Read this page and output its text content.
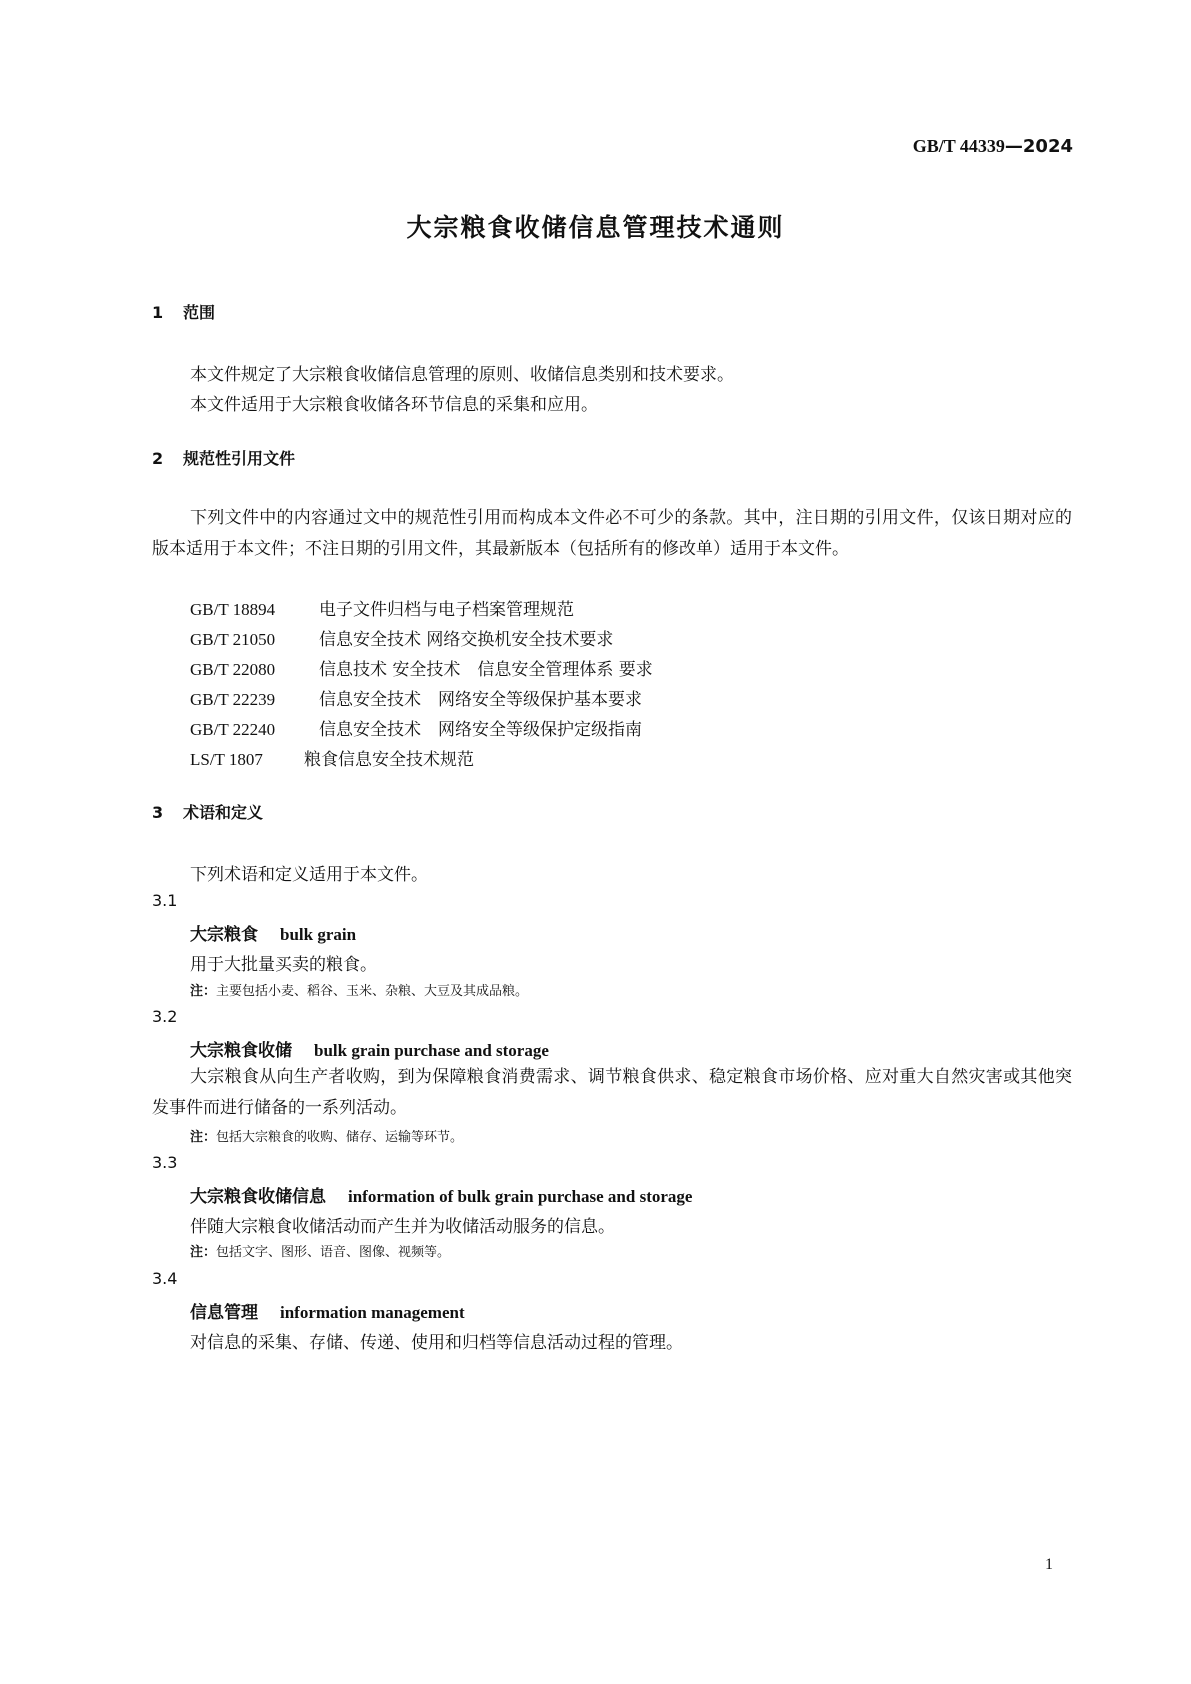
GB/T 44339—2024
大宗粮食收储信息管理技术通则
1 范围
本文件规定了大宗粮食收储信息管理的原则、收储信息类别和技术要求。
本文件适用于大宗粮食收储各环节信息的采集和应用。
2 规范性引用文件
下列文件中的内容通过文中的规范性引用而构成本文件必不可少的条款。其中，注日期的引用文件，仅该日期对应的版本适用于本文件；不注日期的引用文件，其最新版本（包括所有的修改单）适用于本文件。
GB/T 18894	电子文件归档与电子档案管理规范
GB/T 21050	信息安全技术 网络交换机安全技术要求
GB/T 22080	信息技术 安全技术　信息安全管理体系 要求
GB/T 22239	信息安全技术　网络安全等级保护基本要求
GB/T 22240	信息安全技术　网络安全等级保护定级指南
LS/T 1807 粮食信息安全技术规范
3 术语和定义
下列术语和定义适用于本文件。
3.1
大宗粮食 bulk grain
用于大批量买卖的粮食。
注：主要包括小麦、稻谷、玉米、杂粮、大豆及其成品粮。
3.2
大宗粮食收储 bulk grain purchase and storage
大宗粮食从向生产者收购，到为保障粮食消费需求、调节粮食供求、稳定粮食市场价格、应对重大自然灾害或其他突发事件而进行储备的一系列活动。
注：包括大宗粮食的收购、储存、运输等环节。
3.3
大宗粮食收储信息 information of bulk grain purchase and storage
伴随大宗粮食收储活动而产生并为收储活动服务的信息。
注：包括文字、图形、语音、图像、视频等。
3.4
信息管理 information management
对信息的采集、存储、传递、使用和归档等信息活动过程的管理。
1
